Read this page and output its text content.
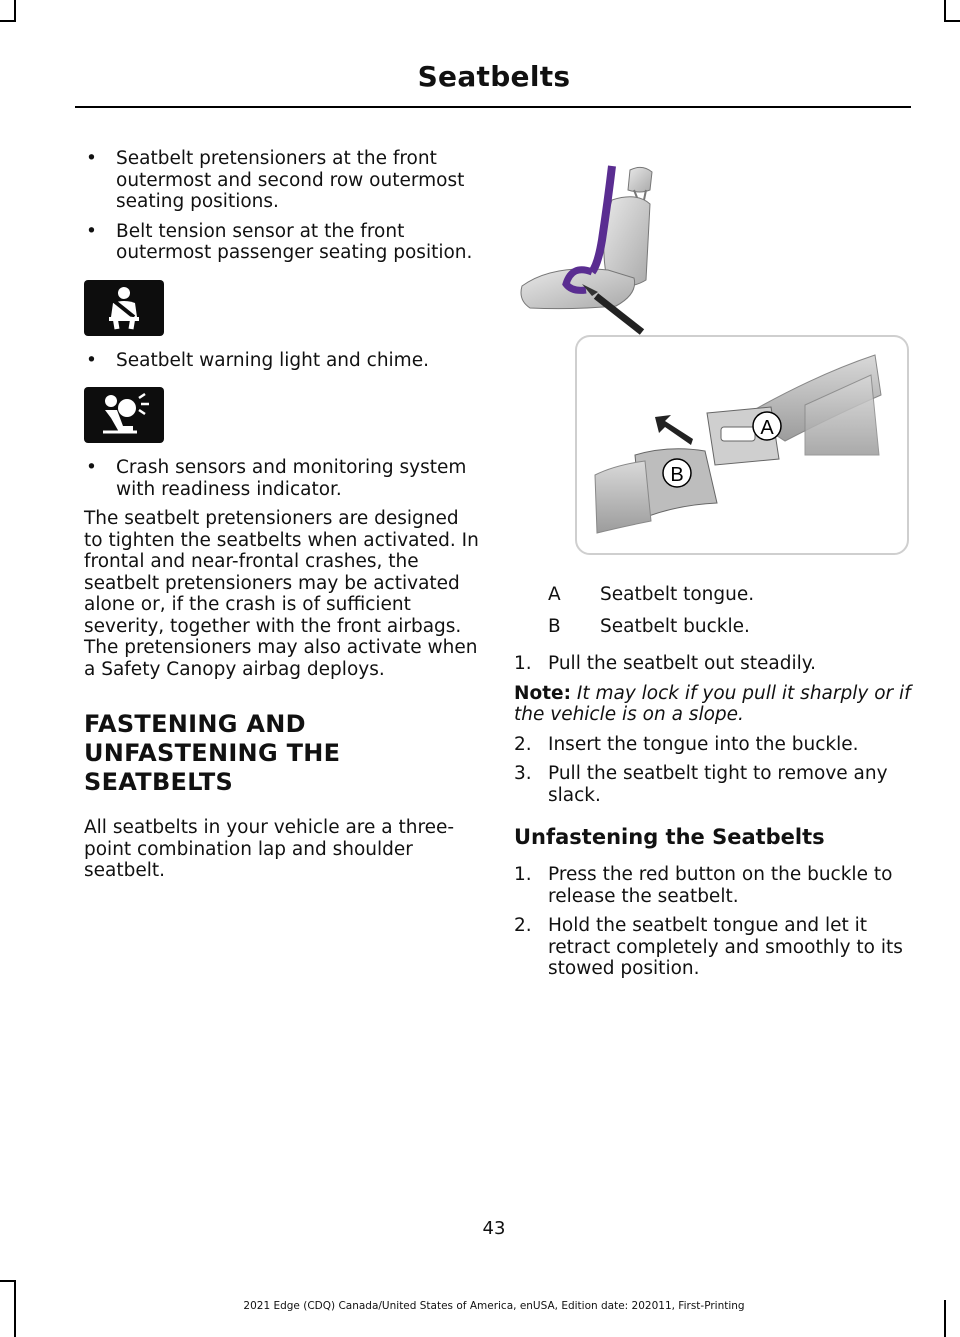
Seatbelts
• Seatbelt pretensioners at the front outermost and second row outermost seating positions.
• Belt tension sensor at the front outermost passenger seating position.
• Seatbelt warning light and chime.
• Crash sensors and monitoring system with readiness indicator.

The seatbelt pretensioners are designed to tighten the seatbelts when activated. In frontal and near-frontal crashes, the seatbelt pretensioners may be activated alone or, if the crash is of sufficient severity, together with the front airbags. The pretensioners may also activate when a Safety Canopy airbag deploys.

FASTENING AND
UNFASTENING THE
SEATBELTS

All seatbelts in your vehicle are a three-point combination lap and shoulder seatbelt.

A
B
A	Seatbelt tongue.
B	Seatbelt buckle.
1. Pull the seatbelt out steadily.
Note: It may lock if you pull it sharply or if the vehicle is on a slope.
2. Insert the tongue into the buckle.
3. Pull the seatbelt tight to remove any slack.
Unfastening the Seatbelts
1. Press the red button on the buckle to release the seatbelt.
2. Hold the seatbelt tongue and let it retract completely and smoothly to its stowed position.
43
2021 Edge (CDQ) Canada/United States of America, enUSA, Edition date: 202011, First-Printing
